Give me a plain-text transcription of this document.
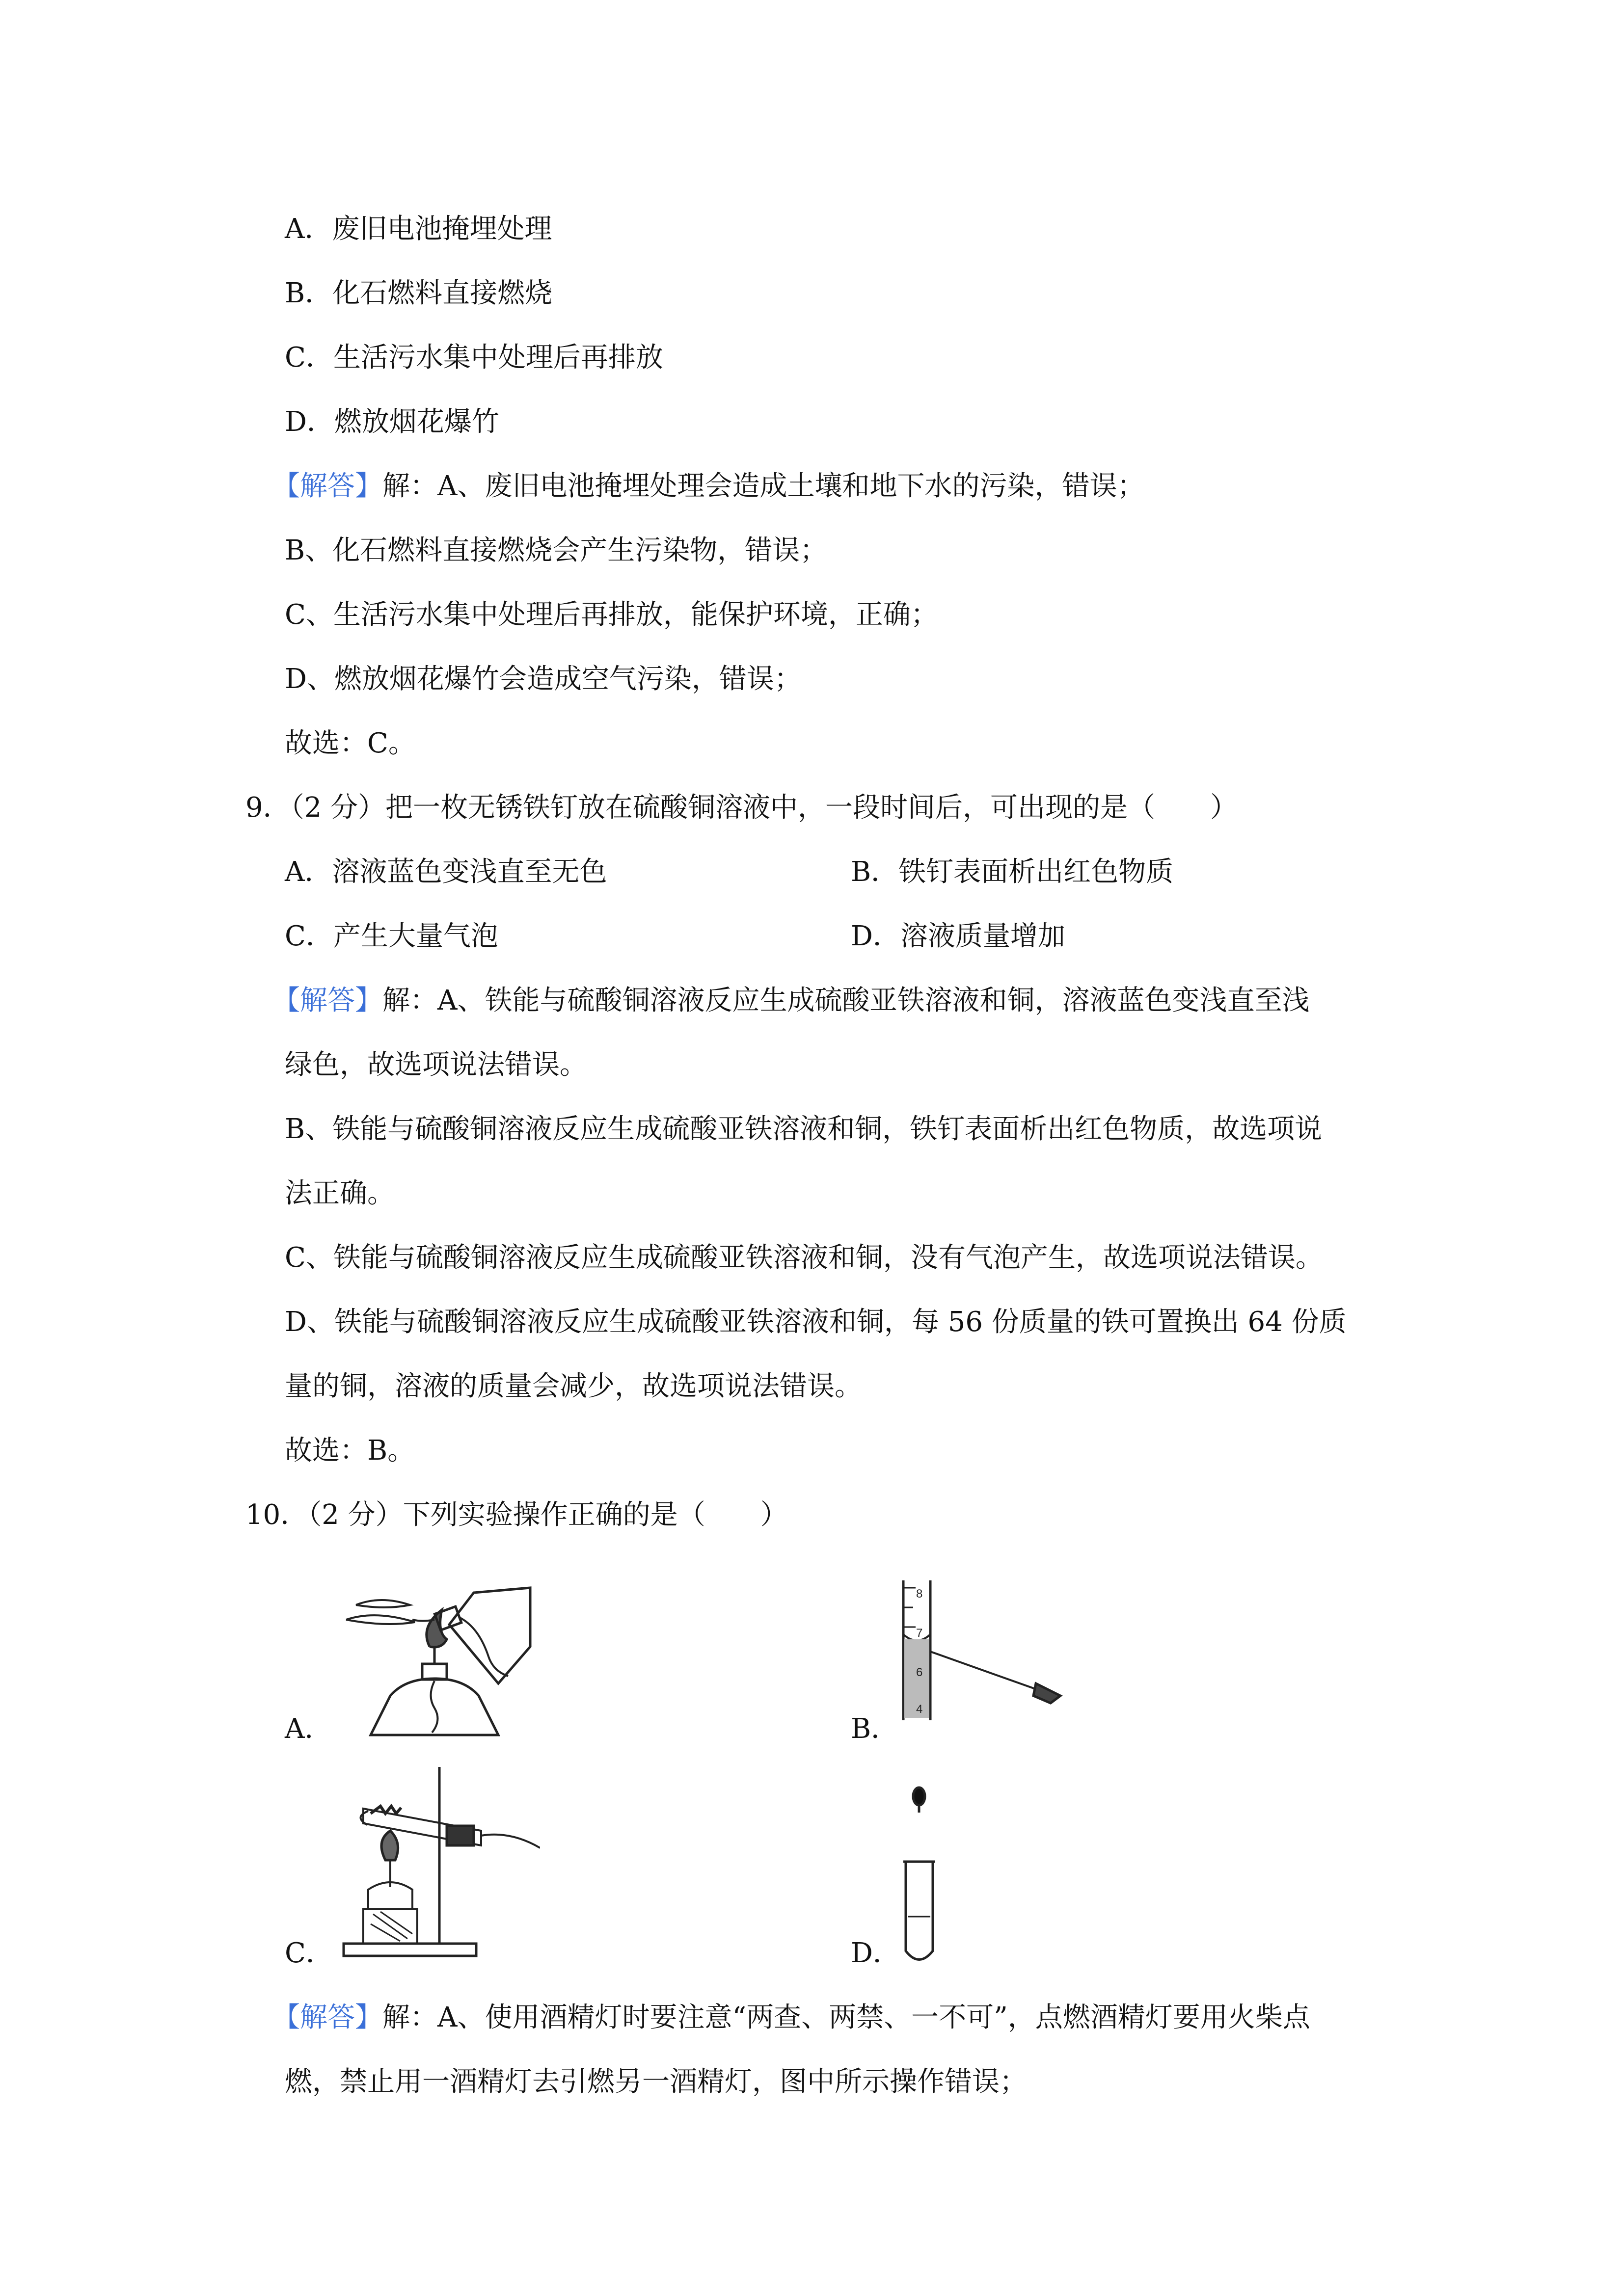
A．废旧电池掩埋处理
B．化石燃料直接燃烧
C．生活污水集中处理后再排放
D．燃放烟花爆竹
【解答】解：A、废旧电池掩埋处理会造成土壤和地下水的污染，错误；
B、化石燃料直接燃烧会产生污染物，错误；
C、生活污水集中处理后再排放，能保护环境，正确；
D、燃放烟花爆竹会造成空气污染，错误；
故选：C。
9．（2 分）把一枚无锈铁钉放在硫酸铜溶液中，一段时间后，可出现的是（　　）
A．溶液蓝色变浅直至无色	B．铁钉表面析出红色物质
C．产生大量气泡	D．溶液质量增加
【解答】解：A、铁能与硫酸铜溶液反应生成硫酸亚铁溶液和铜，溶液蓝色变浅直至浅
绿色，故选项说法错误。
B、铁能与硫酸铜溶液反应生成硫酸亚铁溶液和铜，铁钉表面析出红色物质，故选项说
法正确。
C、铁能与硫酸铜溶液反应生成硫酸亚铁溶液和铜，没有气泡产生，故选项说法错误。
D、铁能与硫酸铜溶液反应生成硫酸亚铁溶液和铜，每 56 份质量的铁可置换出 64 份质
量的铜，溶液的质量会减少，故选项说法错误。
故选：B。
10．（2 分）下列实验操作正确的是（　　）
A．
8
7
6
4
B．
C．	D．
【解答】解：A、使用酒精灯时要注意“两查、两禁、一不可”，点燃酒精灯要用火柴点
燃，禁止用一酒精灯去引燃另一酒精灯，图中所示操作错误；
